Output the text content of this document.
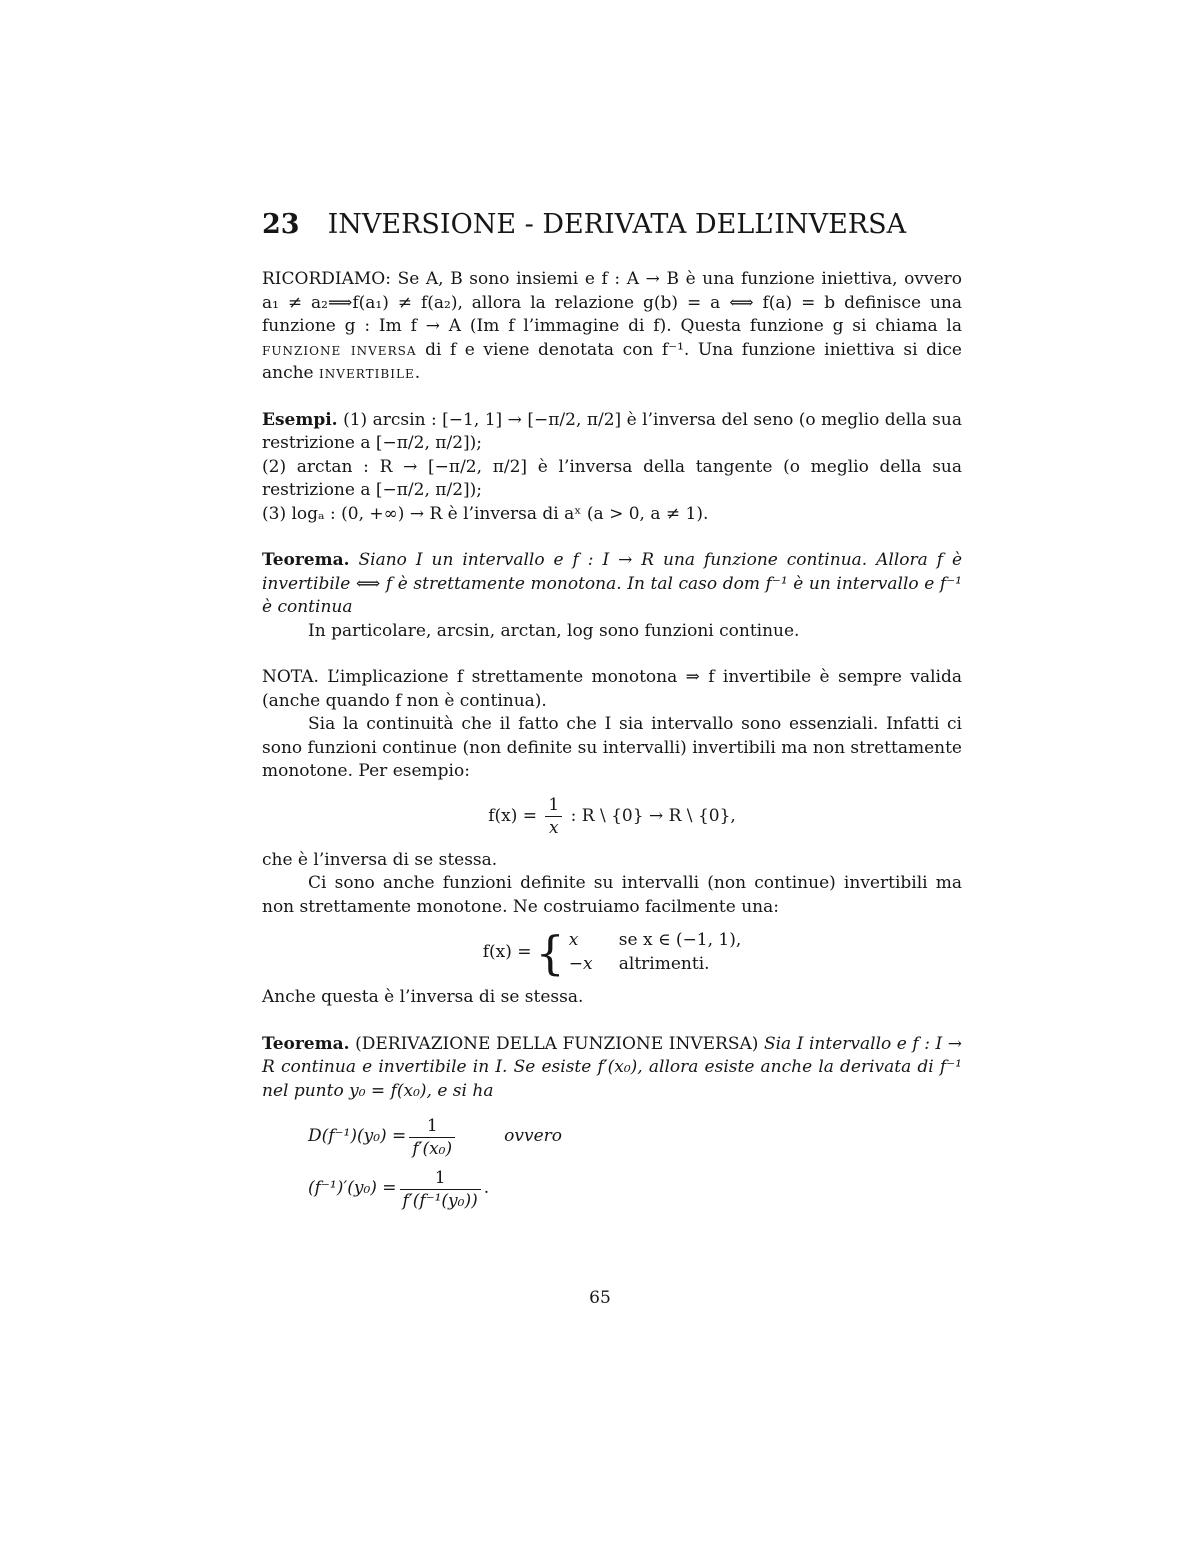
23 INVERSIONE - DERIVATA DELL’INVERSA

RICORDIAMO: Se A, B sono insiemi e f : A → B è una funzione iniettiva, ovvero a₁ ≠ a₂⟹f(a₁) ≠ f(a₂), allora la relazione g(b) = a ⟺ f(a) = b definisce una funzione g : Im f → A (Im f l’immagine di f). Questa funzione g si chiama la funzione inversa di f e viene denotata con f⁻¹. Una funzione iniettiva si dice anche invertibile.

Esempi. (1) arcsin : [−1, 1] → [−π/2, π/2] è l’inversa del seno (o meglio della sua restrizione a [−π/2, π/2]);
(2) arctan : R → [−π/2, π/2] è l’inversa della tangente (o meglio della sua restrizione a [−π/2, π/2]);
(3) logₐ : (0, +∞) → R è l’inversa di aˣ (a > 0, a ≠ 1).

Teorema. Siano I un intervallo e f : I → R una funzione continua. Allora f è invertibile ⟺ f è strettamente monotona. In tal caso dom f⁻¹ è un intervallo e f⁻¹ è continua

In particolare, arcsin, arctan, log sono funzioni continue.

NOTA. L’implicazione f strettamente monotona ⇒ f invertibile è sempre valida (anche quando f non è continua).

Sia la continuità che il fatto che I sia intervallo sono essenziali. Infatti ci sono funzioni continue (non definite su intervalli) invertibili ma non strettamente monotone. Per esempio:

$f(x) = \frac{1}{x}$ : R \ {0} → R \ {0},

che è l’inversa di se stessa.

Ci sono anche funzioni definite su intervalli (non continue) invertibili ma non strettamente monotone. Ne costruiamo facilmente una:

f(x) = { x	se x ∈ (−1, 1),
−x	altrimenti.

Anche questa è l’inversa di se stessa.

Teorema. (DERIVAZIONE DELLA FUNZIONE INVERSA) Sia I intervallo e f : I → R continua e invertibile in I. Se esiste f′(x₀), allora esiste anche la derivata di f⁻¹ nel punto y₀ = f(x₀), e si ha

$D(f^{-1})(y_0) = \frac{1}{\text{f′(x₀)}}$	ovvero
$(f^{-1})'(y_0) = \frac{1}{\text{f′(f⁻¹(y₀))}}$ .
65
